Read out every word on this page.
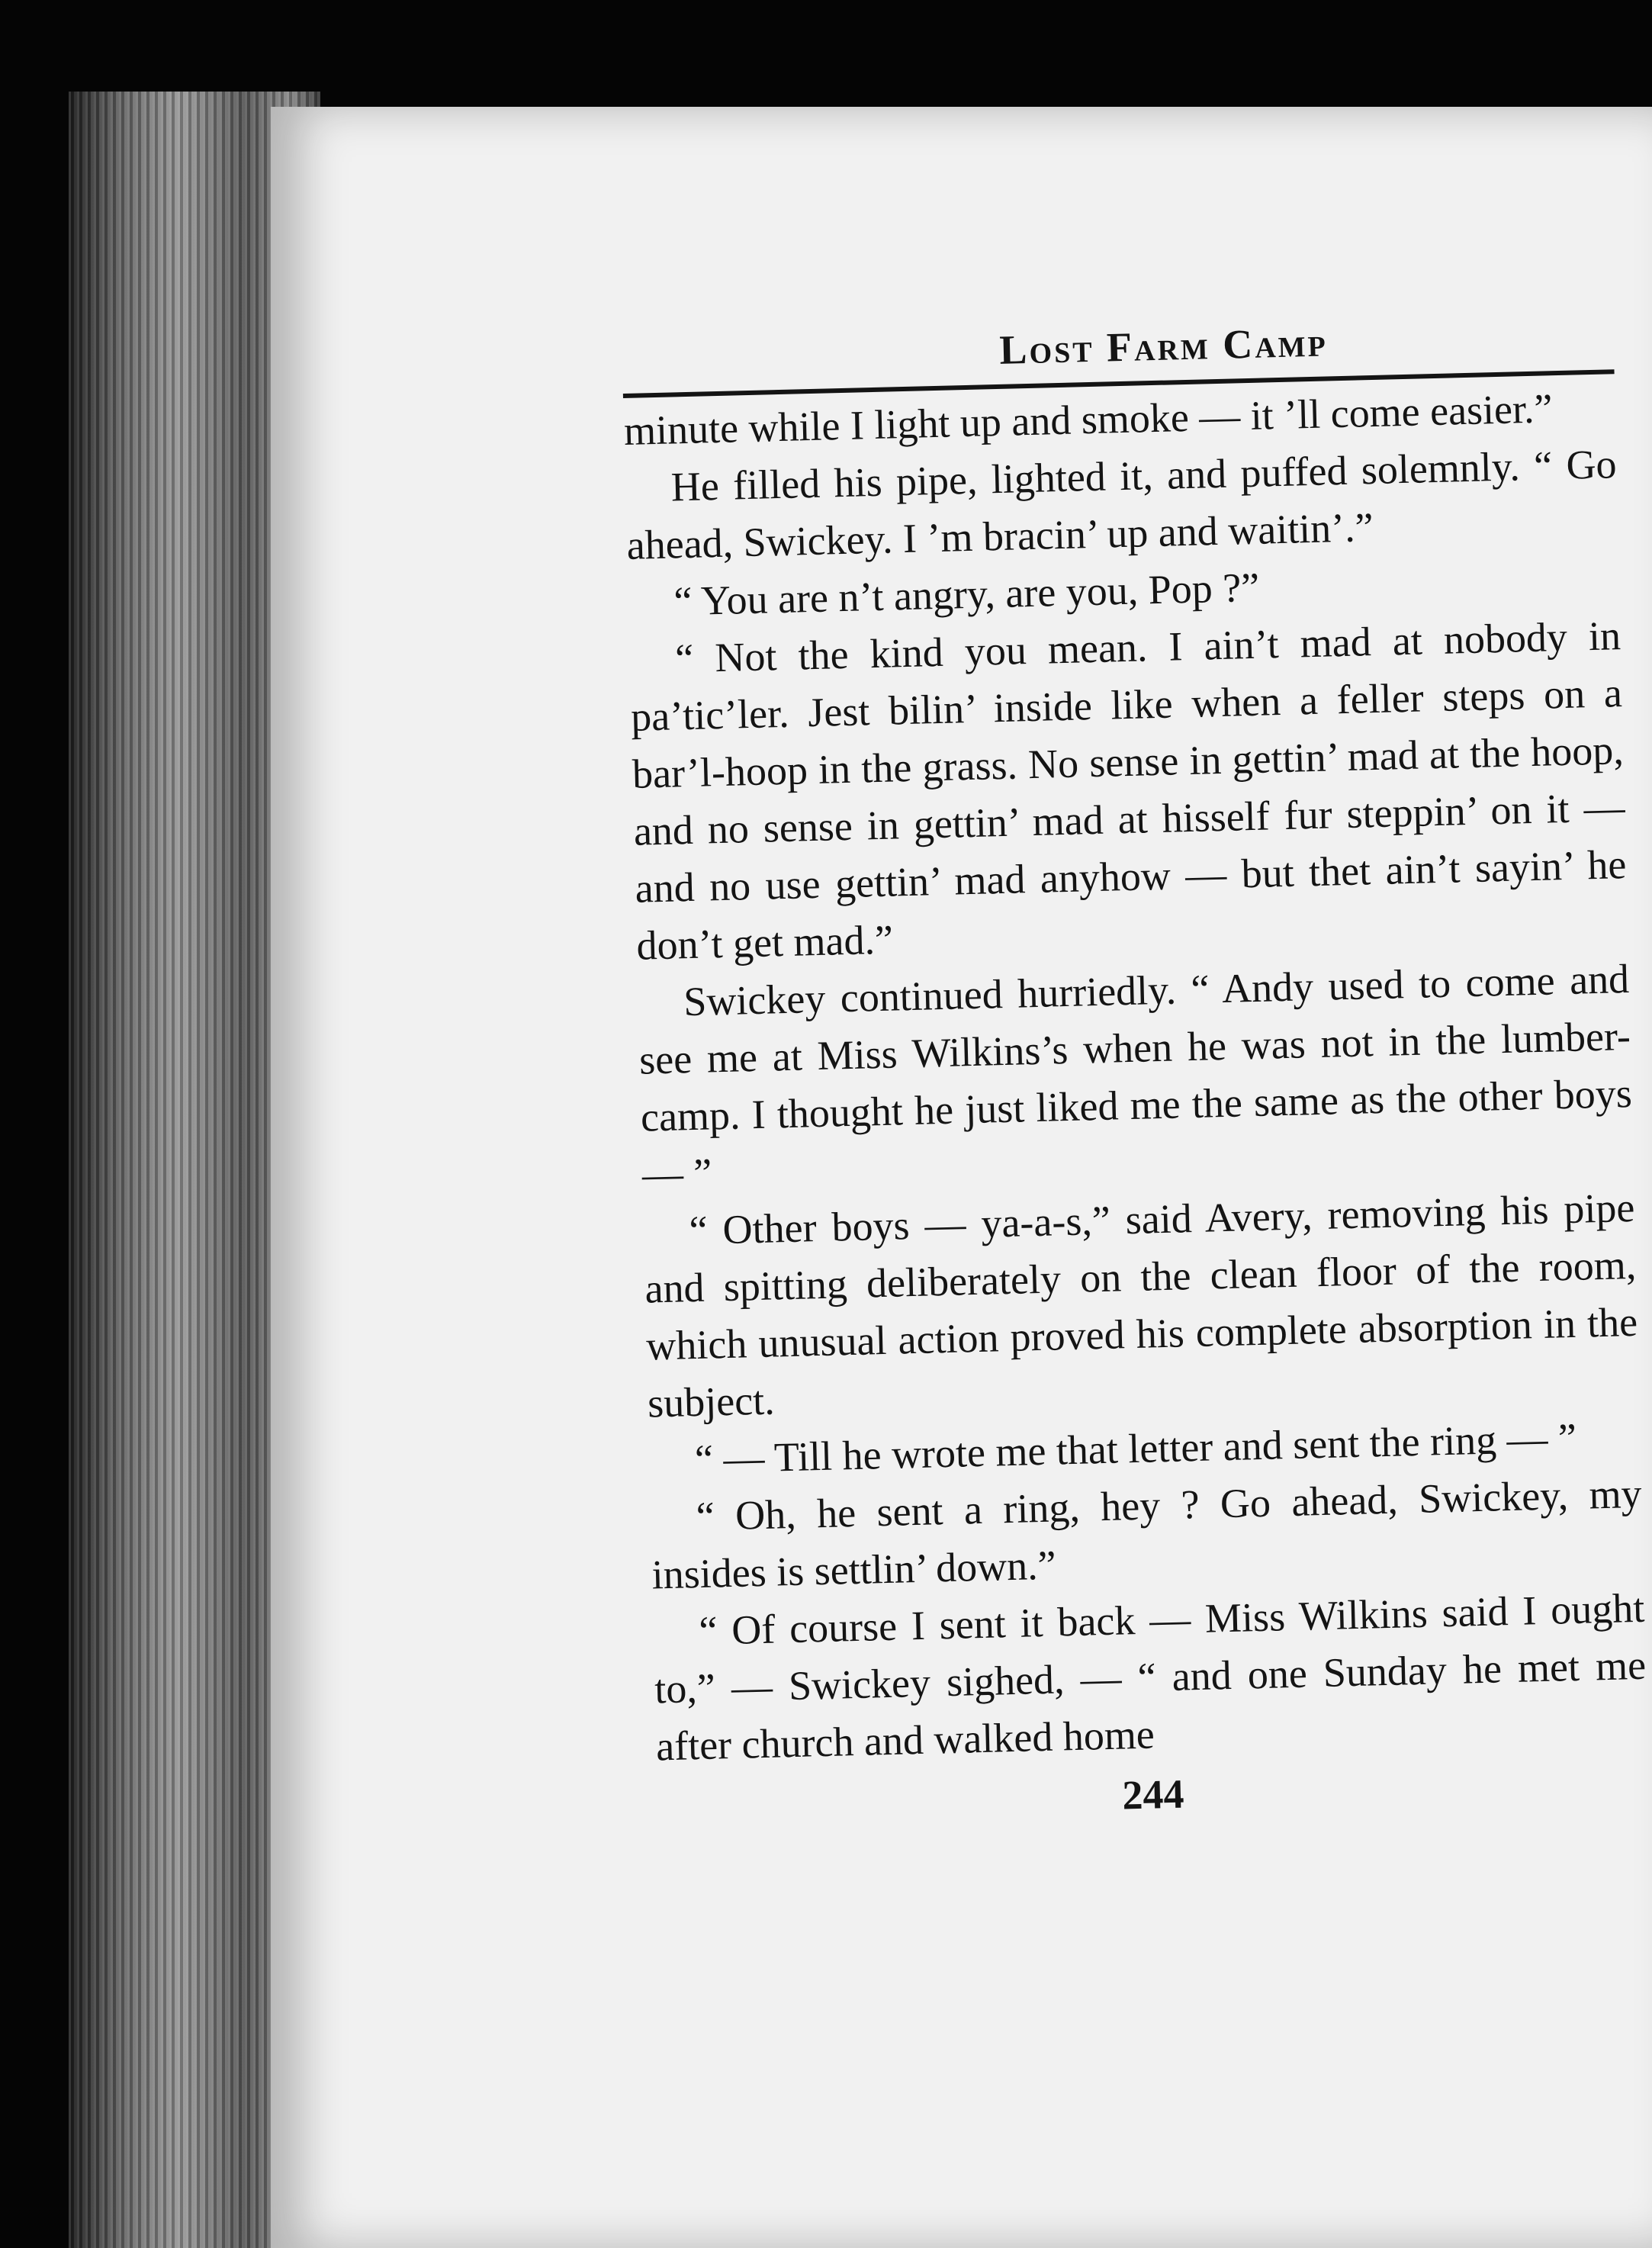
Lost Farm Camp

minute while I light up and smoke — it ’ll come easier.”

He filled his pipe, lighted it, and puffed solemnly. “ Go ahead, Swickey. I ’m bracin’ up and waitin’.”

“ You are n’t angry, are you, Pop ?”

“ Not the kind you mean. I ain’t mad at nobody in pa’tic’ler. Jest bilin’ inside like when a feller steps on a bar’l-hoop in the grass. No sense in gettin’ mad at the hoop, and no sense in gettin’ mad at hisself fur steppin’ on it — and no use gettin’ mad anyhow — but thet ain’t sayin’ he don’t get mad.”

Swickey continued hurriedly. “ Andy used to come and see me at Miss Wilkins’s when he was not in the lumber-camp. I thought he just liked me the same as the other boys — ”

“ Other boys — ya-a-s,” said Avery, removing his pipe and spitting deliberately on the clean floor of the room, which unusual action proved his complete absorption in the subject.

“ — Till he wrote me that letter and sent the ring — ”

“ Oh, he sent a ring, hey ? Go ahead, Swickey, my insides is settlin’ down.”

“ Of course I sent it back — Miss Wilkins said I ought to,” — Swickey sighed, — “ and one Sunday he met me after church and walked home

244
